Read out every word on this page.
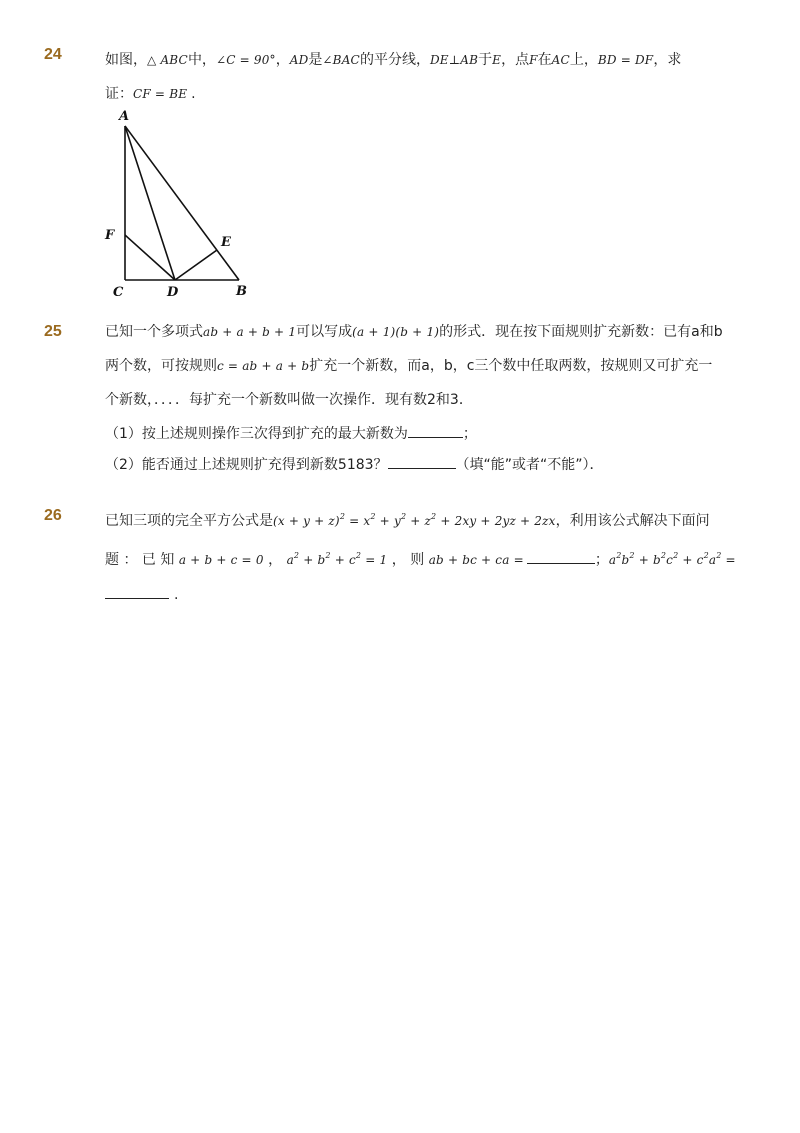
24	如图，△ ABC中，∠C = 90°，AD是∠BAC的平分线，DE⊥AB于E，点F在AC上，BD = DF，求
证：CF = BE .
A
F	E
C	D	B
25	已知一个多项式ab + a + b + 1可以写成(a + 1)(b + 1)的形式．现在按下面规则扩充新数：已有a和b
两个数，可按规则c = ab + a + b扩充一个新数，而a，b，c三个数中任取两数，按规则又可扩充一
个新数，．．．．每扩充一个新数叫做一次操作．现有数2和3．
（1）按上述规则操作三次得到扩充的最大新数为	；
（2）能否通过上述规则扩充得到新数5183？	（填“能”或者“不能”）．
26	已知三项的完全平方公式是$(x + y + z)^2 = x^2 + y^2 + z^2 + 2xy + 2yz + 2zx$，利用该公式解决下面问
题 ： 已 知 a + b + c = 0 ， $a^2 + b^2 + c^2 = 1$ ， 则 ab + bc + ca =	；$a^2b^2 + b^2c^2 + c^2a^2$ =
.
